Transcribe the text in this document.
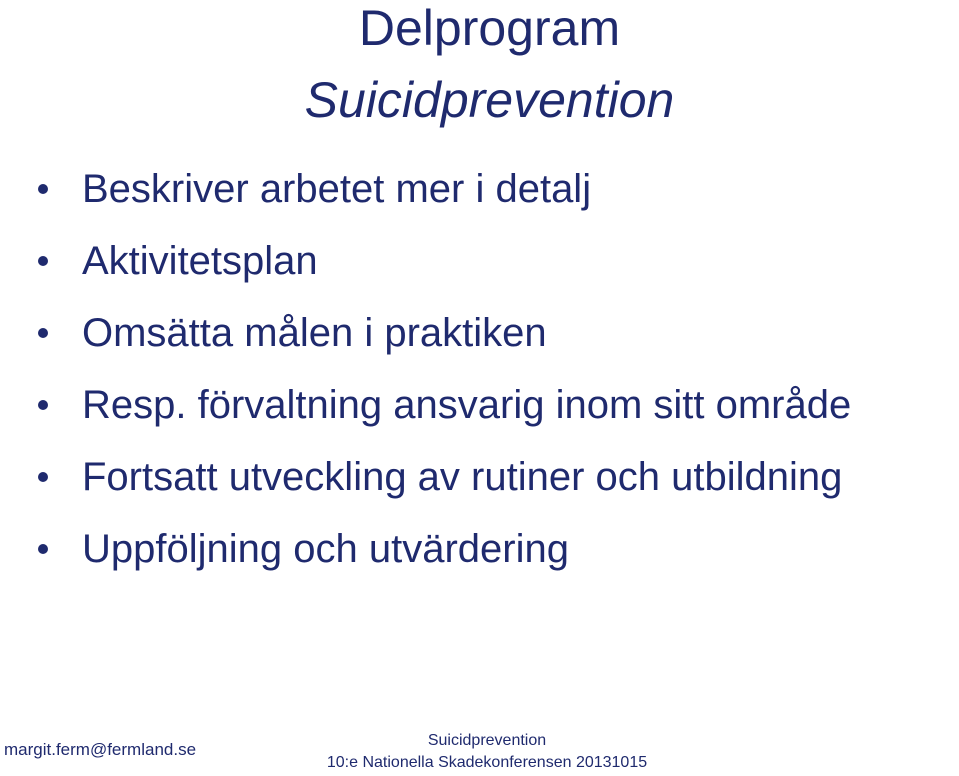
Delprogram
Suicidprevention
Beskriver arbetet mer i detalj
Aktivitetsplan
Omsätta målen i praktiken
Resp. förvaltning ansvarig inom sitt område
Fortsatt utveckling av rutiner och utbildning
Uppföljning och utvärdering
margit.ferm@fermland.se	Suicidprevention
10:e Nationella Skadekonferensen 20131015
